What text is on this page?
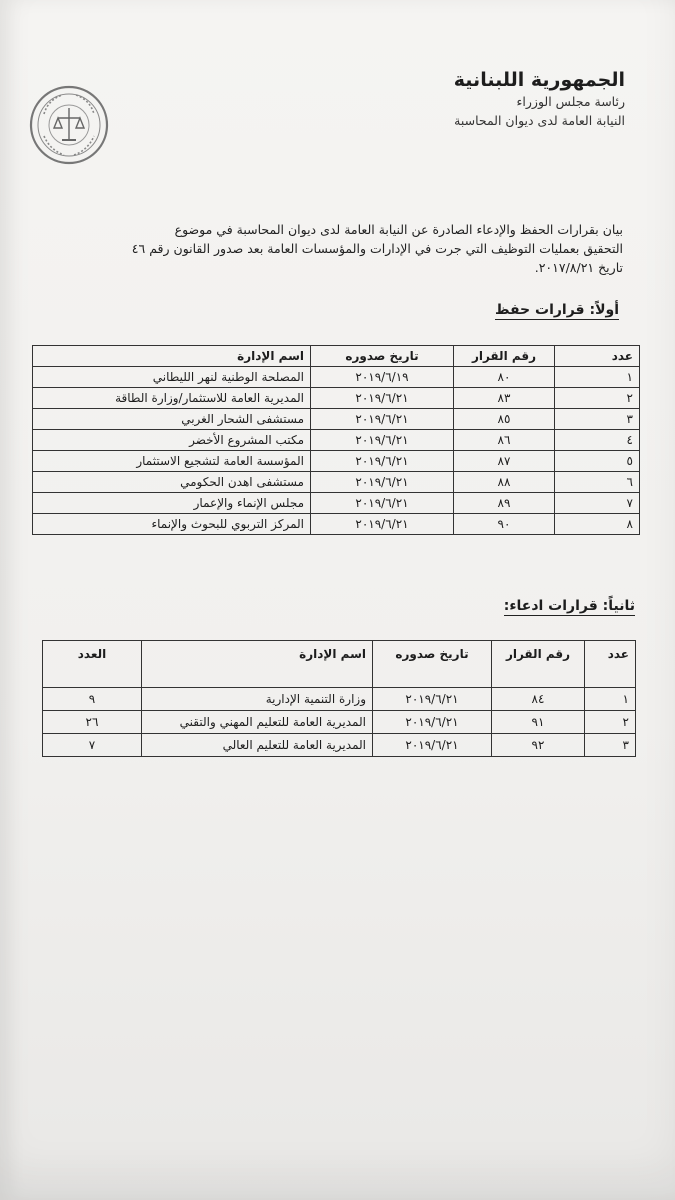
الجمهورية اللبنانية
رئاسة مجلس الوزراء
النيابة العامة لدى ديوان المحاسبة
بيان بقرارات الحفظ والإدعاء الصادرة عن النيابة العامة لدى ديوان المحاسبة في موضوع
التحقيق بعمليات التوظيف التي جرت في الإدارات والمؤسسات العامة بعد صدور القانون رقم ٤٦
تاريخ ٢٠١٧/٨/٢١.
أولاً: قرارات حفظ
عدد	رقم القرار	تاريخ صدوره	اسم الإدارة
١	٨٠	٢٠١٩/٦/١٩	المصلحة الوطنية لنهر الليطاني
٢	٨٣	٢٠١٩/٦/٢١	المديرية العامة للاستثمار/وزارة الطاقة
٣	٨٥	٢٠١٩/٦/٢١	مستشفى الشحار الغربي
٤	٨٦	٢٠١٩/٦/٢١	مكتب المشروع الأخضر
٥	٨٧	٢٠١٩/٦/٢١	المؤسسة العامة لتشجيع الاستثمار
٦	٨٨	٢٠١٩/٦/٢١	مستشفى اهدن الحكومي
٧	٨٩	٢٠١٩/٦/٢١	مجلس الإنماء والإعمار
٨	٩٠	٢٠١٩/٦/٢١	المركز التربوي للبحوث والإنماء
ثانياً: قرارات ادعاء:
عدد	رقم القرار	تاريخ صدوره	اسم الإدارة	العدد
١	٨٤	٢٠١٩/٦/٢١	وزارة التنمية الإدارية	٩
٢	٩١	٢٠١٩/٦/٢١	المديرية العامة للتعليم المهني والتقني	٢٦
٣	٩٢	٢٠١٩/٦/٢١	المديرية العامة للتعليم العالي	٧
